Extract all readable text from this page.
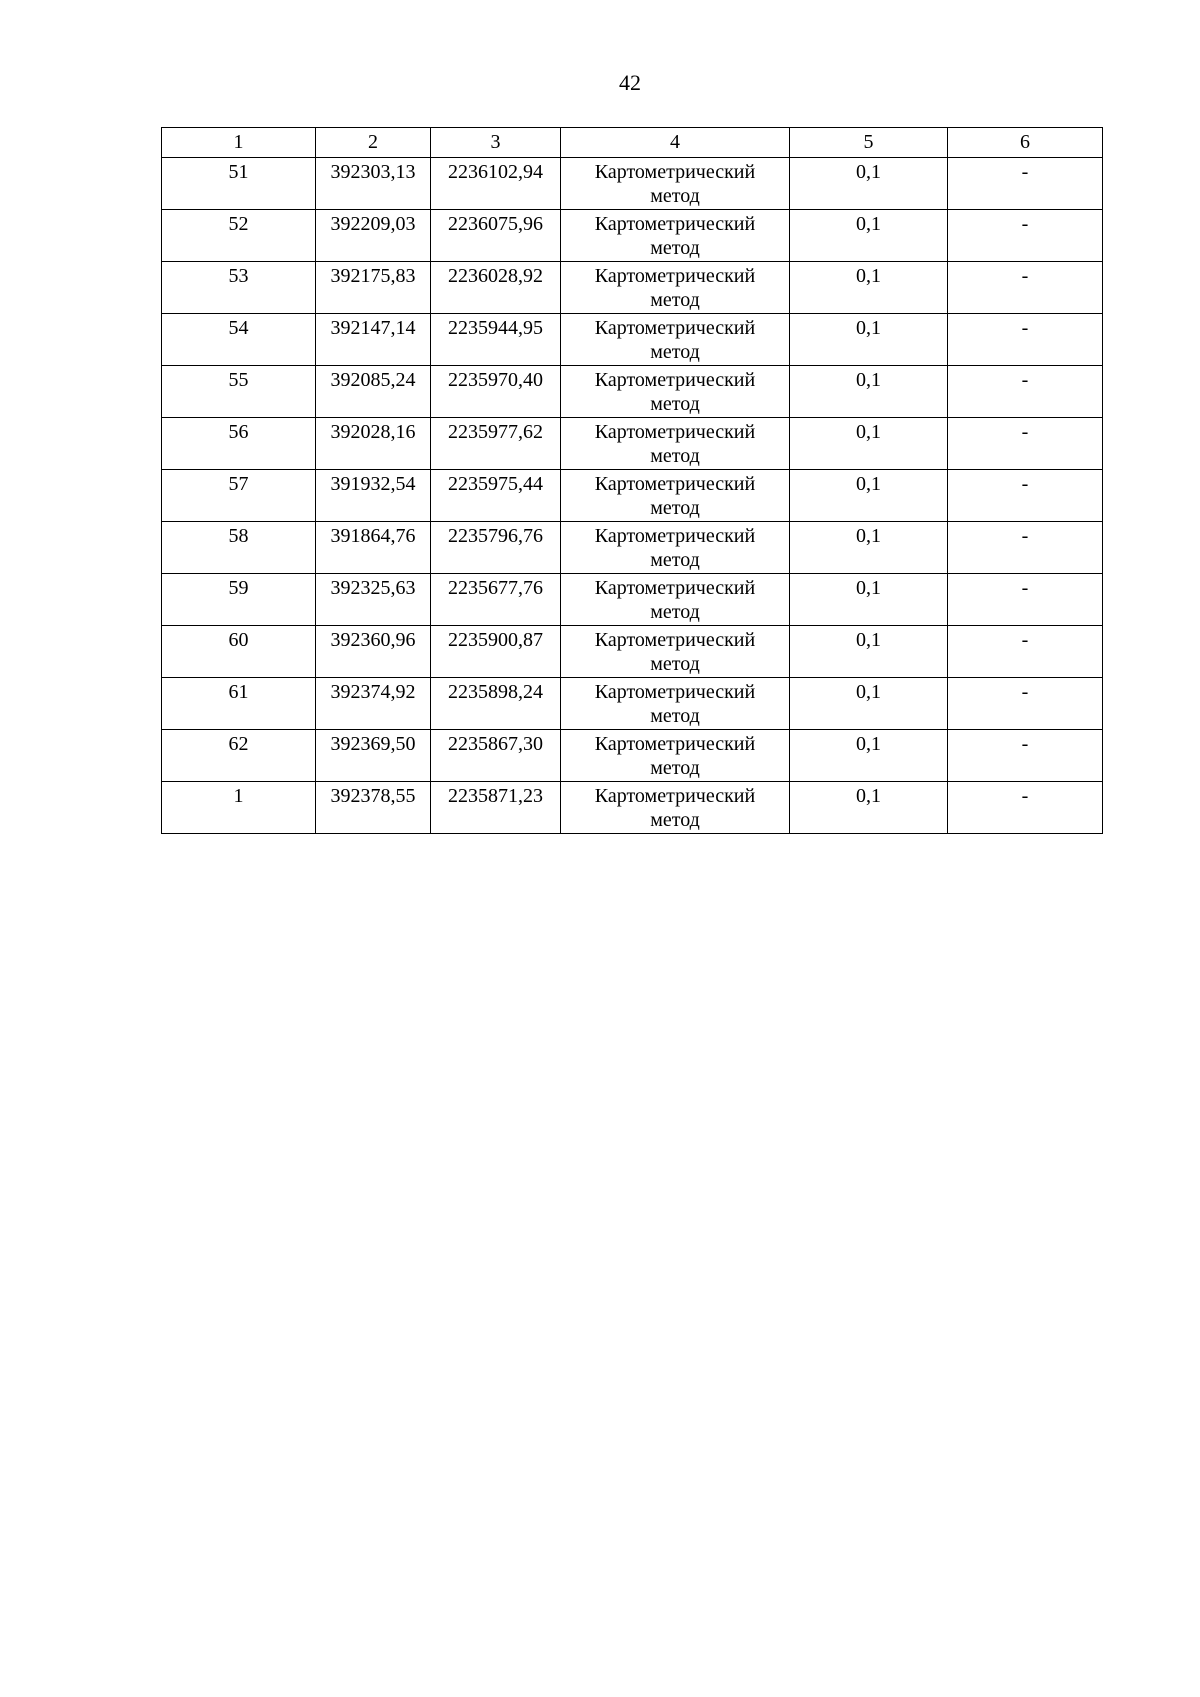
42
1	2	3	4	5	6
51	392303,13	2236102,94	Картометрический метод	0,1	-
52	392209,03	2236075,96	Картометрический метод	0,1	-
53	392175,83	2236028,92	Картометрический метод	0,1	-
54	392147,14	2235944,95	Картометрический метод	0,1	-
55	392085,24	2235970,40	Картометрический метод	0,1	-
56	392028,16	2235977,62	Картометрический метод	0,1	-
57	391932,54	2235975,44	Картометрический метод	0,1	-
58	391864,76	2235796,76	Картометрический метод	0,1	-
59	392325,63	2235677,76	Картометрический метод	0,1	-
60	392360,96	2235900,87	Картометрический метод	0,1	-
61	392374,92	2235898,24	Картометрический метод	0,1	-
62	392369,50	2235867,30	Картометрический метод	0,1	-
1	392378,55	2235871,23	Картометрический метод	0,1	-
